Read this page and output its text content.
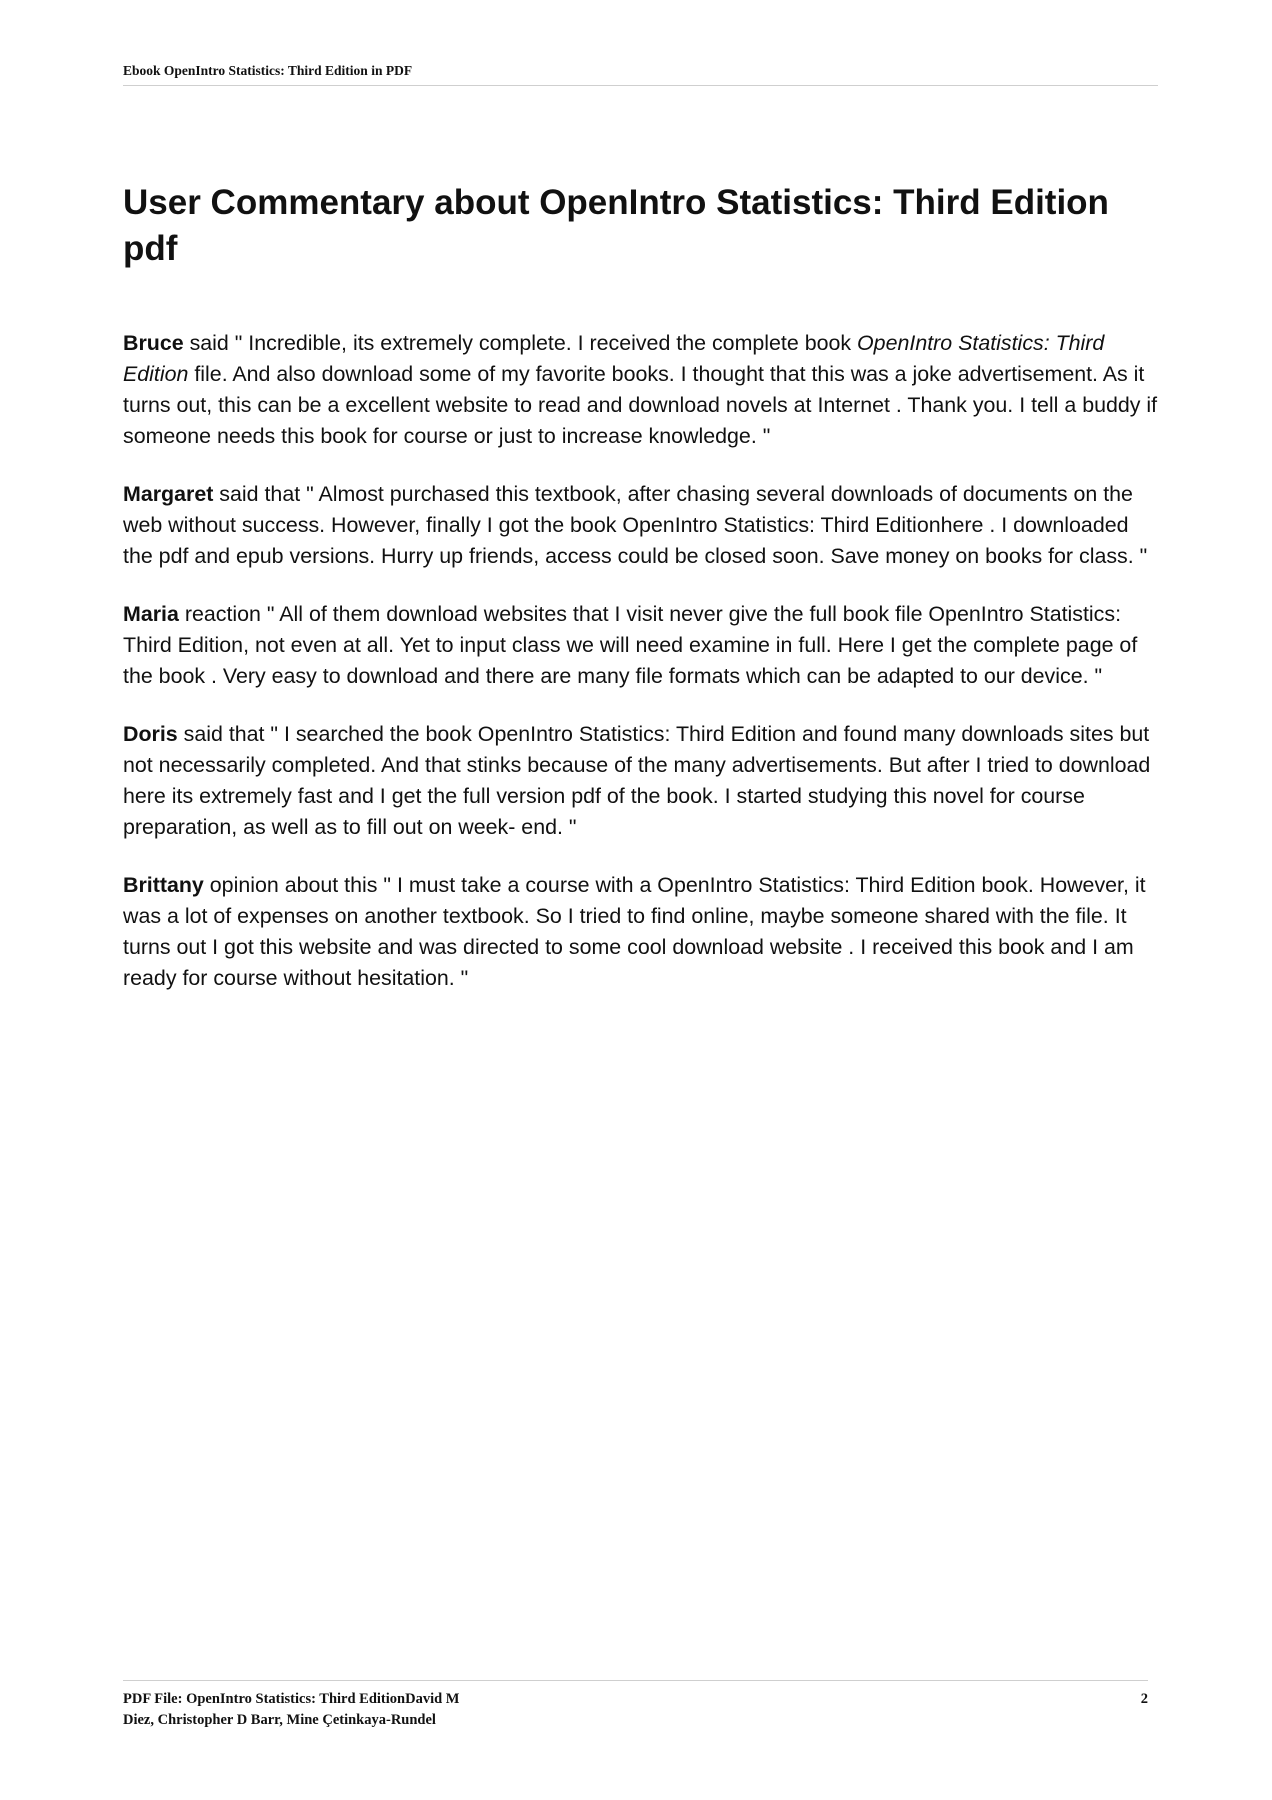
Ebook OpenIntro Statistics: Third Edition in PDF
User Commentary about OpenIntro Statistics: Third Edition pdf

Bruce said " Incredible, its extremely complete. I received the complete book OpenIntro Statistics: Third Edition file. And also download some of my favorite books. I thought that this was a joke advertisement. As it turns out, this can be a excellent website to read and download novels at Internet . Thank you. I tell a buddy if someone needs this book for course or just to increase knowledge. "

Margaret said that " Almost purchased this textbook, after chasing several downloads of documents on the web without success. However, finally I got the book OpenIntro Statistics: Third Editionhere . I downloaded the pdf and epub versions. Hurry up friends, access could be closed soon. Save money on books for class. "

Maria reaction " All of them download websites that I visit never give the full book file OpenIntro Statistics: Third Edition, not even at all. Yet to input class we will need examine in full. Here I get the complete page of the book . Very easy to download and there are many file formats which can be adapted to our device. "

Doris said that " I searched the book OpenIntro Statistics: Third Edition and found many downloads sites but not necessarily completed. And that stinks because of the many advertisements. But after I tried to download here its extremely fast and I get the full version pdf of the book. I started studying this novel for course preparation, as well as to fill out on week- end. "

Brittany opinion about this " I must take a course with a OpenIntro Statistics: Third Edition book. However, it was a lot of expenses on another textbook. So I tried to find online, maybe someone shared with the file. It turns out I got this website and was directed to some cool download website . I received this book and I am ready for course without hesitation. "

PDF File: OpenIntro Statistics: Third EditionDavid M Diez, Christopher D Barr, Mine Çetinkaya-Rundel
2
